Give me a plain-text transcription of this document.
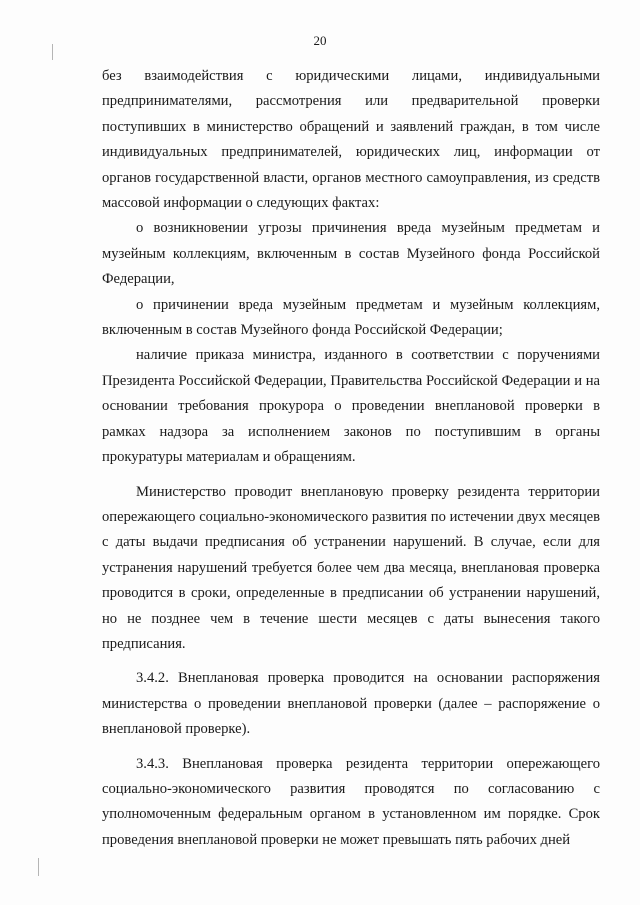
20

без взаимодействия с юридическими лицами, индивидуальными предпринимателями, рассмотрения или предварительной проверки поступивших в министерство обращений и заявлений граждан, в том числе индивидуальных предпринимателей, юридических лиц, информации от органов государственной власти, органов местного самоуправления, из средств массовой информации о следующих фактах:

о возникновении угрозы причинения вреда музейным предметам и музейным коллекциям, включенным в состав Музейного фонда Российской Федерации,

о причинении вреда музейным предметам и музейным коллекциям, включенным в состав Музейного фонда Российской Федерации;

наличие приказа министра, изданного в соответствии с поручениями Президента Российской Федерации, Правительства Российской Федерации и на основании требования прокурора о проведении внеплановой проверки в рамках надзора за исполнением законов по поступившим в органы прокуратуры материалам и обращениям.

Министерство проводит внеплановую проверку резидента территории опережающего социально-экономического развития по истечении двух месяцев с даты выдачи предписания об устранении нарушений. В случае, если для устранения нарушений требуется более чем два месяца, внеплановая проверка проводится в сроки, определенные в предписании об устранении нарушений, но не позднее чем в течение шести месяцев с даты вынесения такого предписания.

3.4.2. Внеплановая проверка проводится на основании распоряжения министерства о проведении внеплановой проверки (далее – распоряжение о внеплановой проверке).

3.4.3. Внеплановая проверка резидента территории опережающего социально-экономического развития проводятся по согласованию с уполномоченным федеральным органом в установленном им порядке. Срок проведения внеплановой проверки не может превышать пять рабочих дней
